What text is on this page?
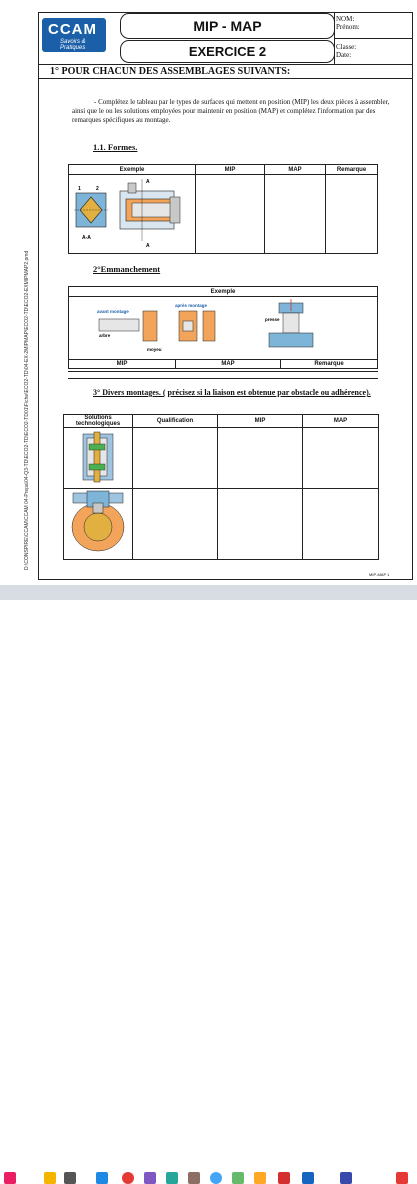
CCAM
Savoirs & Pratiques
MIP - MAP
EXERCICE 2
NOM:
Prénom:
Classe:
Date:
1° POUR CHACUN DES ASSEMBLAGES SUIVANTS:
- Complétez le tableau par le types de surfaces qui mettent en position (MIP) les deux pièces à assembler, ainsi que le ou les solutions employées pour maintenir en position (MAP) et complétez l'information par des remarques spécifiques au montage.
1.1. Formes.
Exemple	MIP	MAP	Remarque

1 2
A
A
A-A			

2°Emmanchement
Exemple

avant montage
arbre
moyeu
après montage
presse

MIP	MAP	Remarque
3° Divers montages. ( précisez si la liaison est obtenue par obstacle ou adhérence).
Solutions technologiques	Qualification	MIP	MAP

D:\CONSPIRE\CCAM\CCAM 04-Prepa\04-Q3-TD\ECO2-TD\ECO2-TD01\Fiche\ECO2-TD\04-EX-2MIPMAP\ECO2-TD\ECO2-EXMIPMAP2.pmd
MIP-MAP 1
